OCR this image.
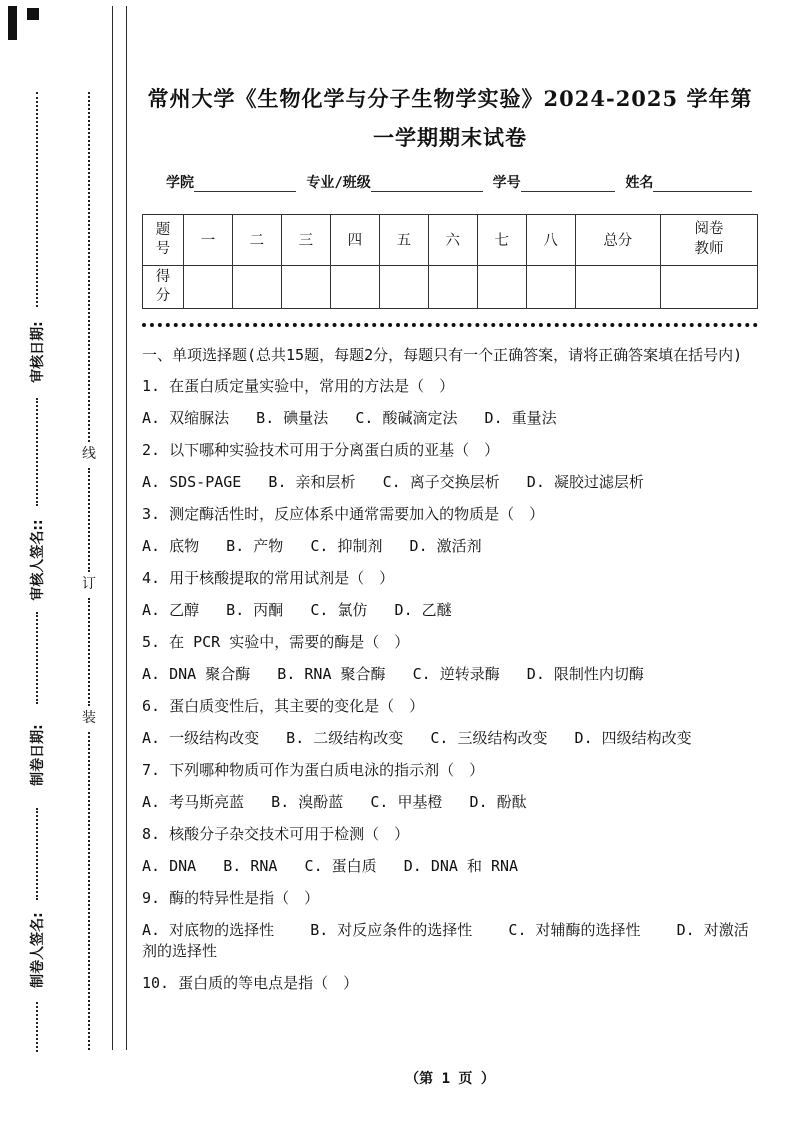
审核日期:
审核人签名::
制卷日期:
制卷人签名:
线
订
装
常州大学《生物化学与分子生物学实验》2024-2025 学年第一学期期末试卷
学院	专业/班级	学号	姓名
题号	一	二	三	四	五	六	七	八	总分	阅卷教师
得分										

一、单项选择题(总共15题，每题2分，每题只有一个正确答案，请将正确答案填在括号内)

1. 在蛋白质定量实验中，常用的方法是（　）

A. 双缩脲法   B. 碘量法   C. 酸碱滴定法   D. 重量法

2. 以下哪种实验技术可用于分离蛋白质的亚基（　）

A. SDS-PAGE   B. 亲和层析   C. 离子交换层析   D. 凝胶过滤层析

3. 测定酶活性时，反应体系中通常需要加入的物质是（　）

A. 底物   B. 产物   C. 抑制剂   D. 激活剂

4. 用于核酸提取的常用试剂是（　）

A. 乙醇   B. 丙酮   C. 氯仿   D. 乙醚

5. 在 PCR 实验中，需要的酶是（　）

A. DNA 聚合酶   B. RNA 聚合酶   C. 逆转录酶   D. 限制性内切酶

6. 蛋白质变性后，其主要的变化是（　）

A. 一级结构改变   B. 二级结构改变   C. 三级结构改变   D. 四级结构改变

7. 下列哪种物质可作为蛋白质电泳的指示剂（　）

A. 考马斯亮蓝   B. 溴酚蓝   C. 甲基橙   D. 酚酞

8. 核酸分子杂交技术可用于检测（　）

A. DNA   B. RNA   C. 蛋白质   D. DNA 和 RNA

9. 酶的特异性是指（　）

A. 对底物的选择性    B. 对反应条件的选择性    C. 对辅酶的选择性    D. 对激活剂的选择性

10. 蛋白质的等电点是指（　）

（第 1 页 ）
